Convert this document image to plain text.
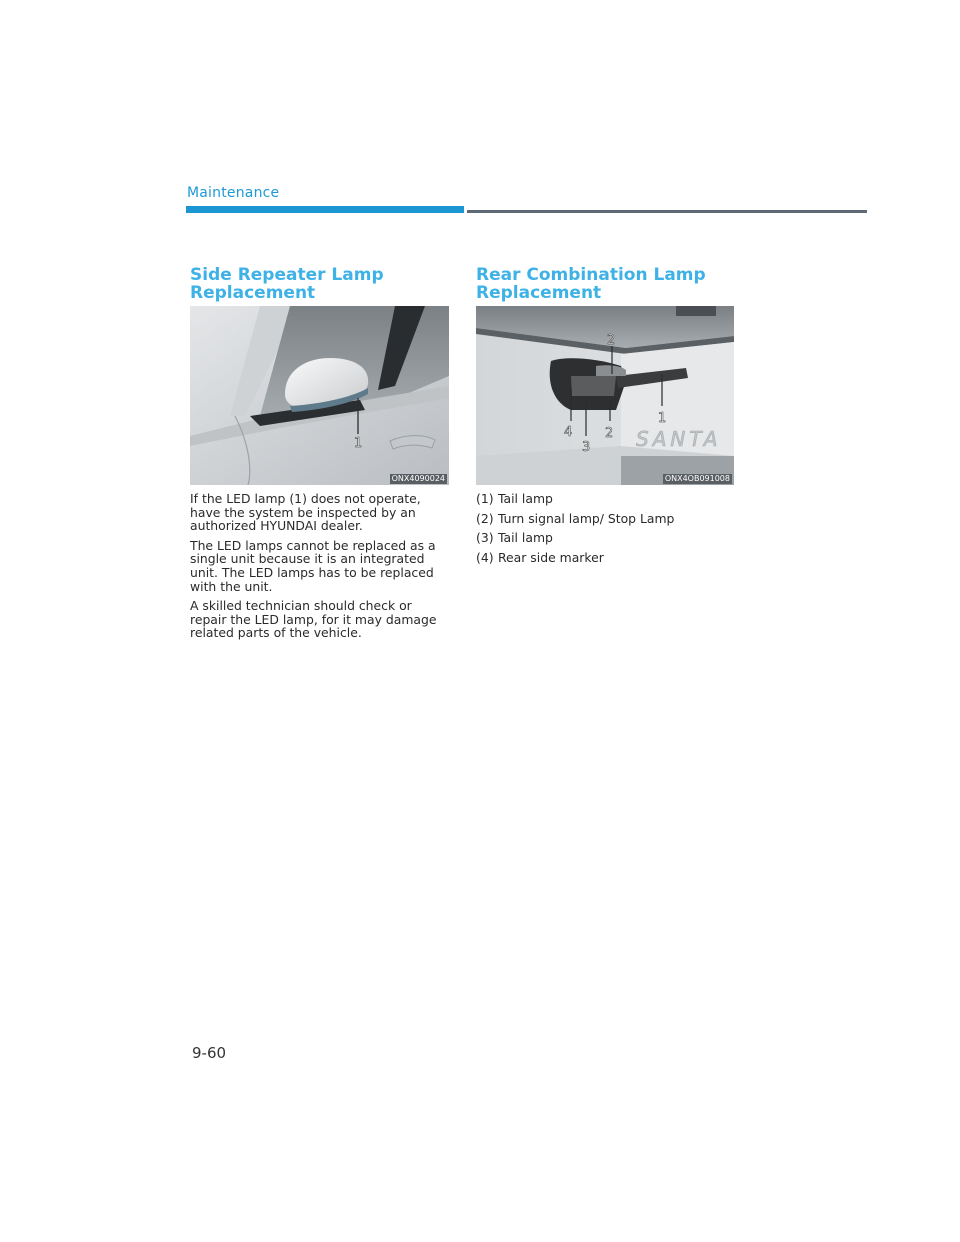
Maintenance
Side Repeater Lamp Replacement
1
ONX4090024

If the LED lamp (1) does not operate, have the system be inspected by an authorized HYUNDAI dealer.

The LED lamps cannot be replaced as a single unit because it is an integrated unit. The LED lamps has to be replaced with the unit.

A skilled technician should check or repair the LED lamp, for it may damage related parts of the vehicle.

Rear Combination Lamp Replacement
SANTA
2
1
4	2
3
ONX4OB091008
(1) Tail lamp
(2) Turn signal lamp/ Stop Lamp
(3) Tail lamp
(4) Rear side marker
9-60
